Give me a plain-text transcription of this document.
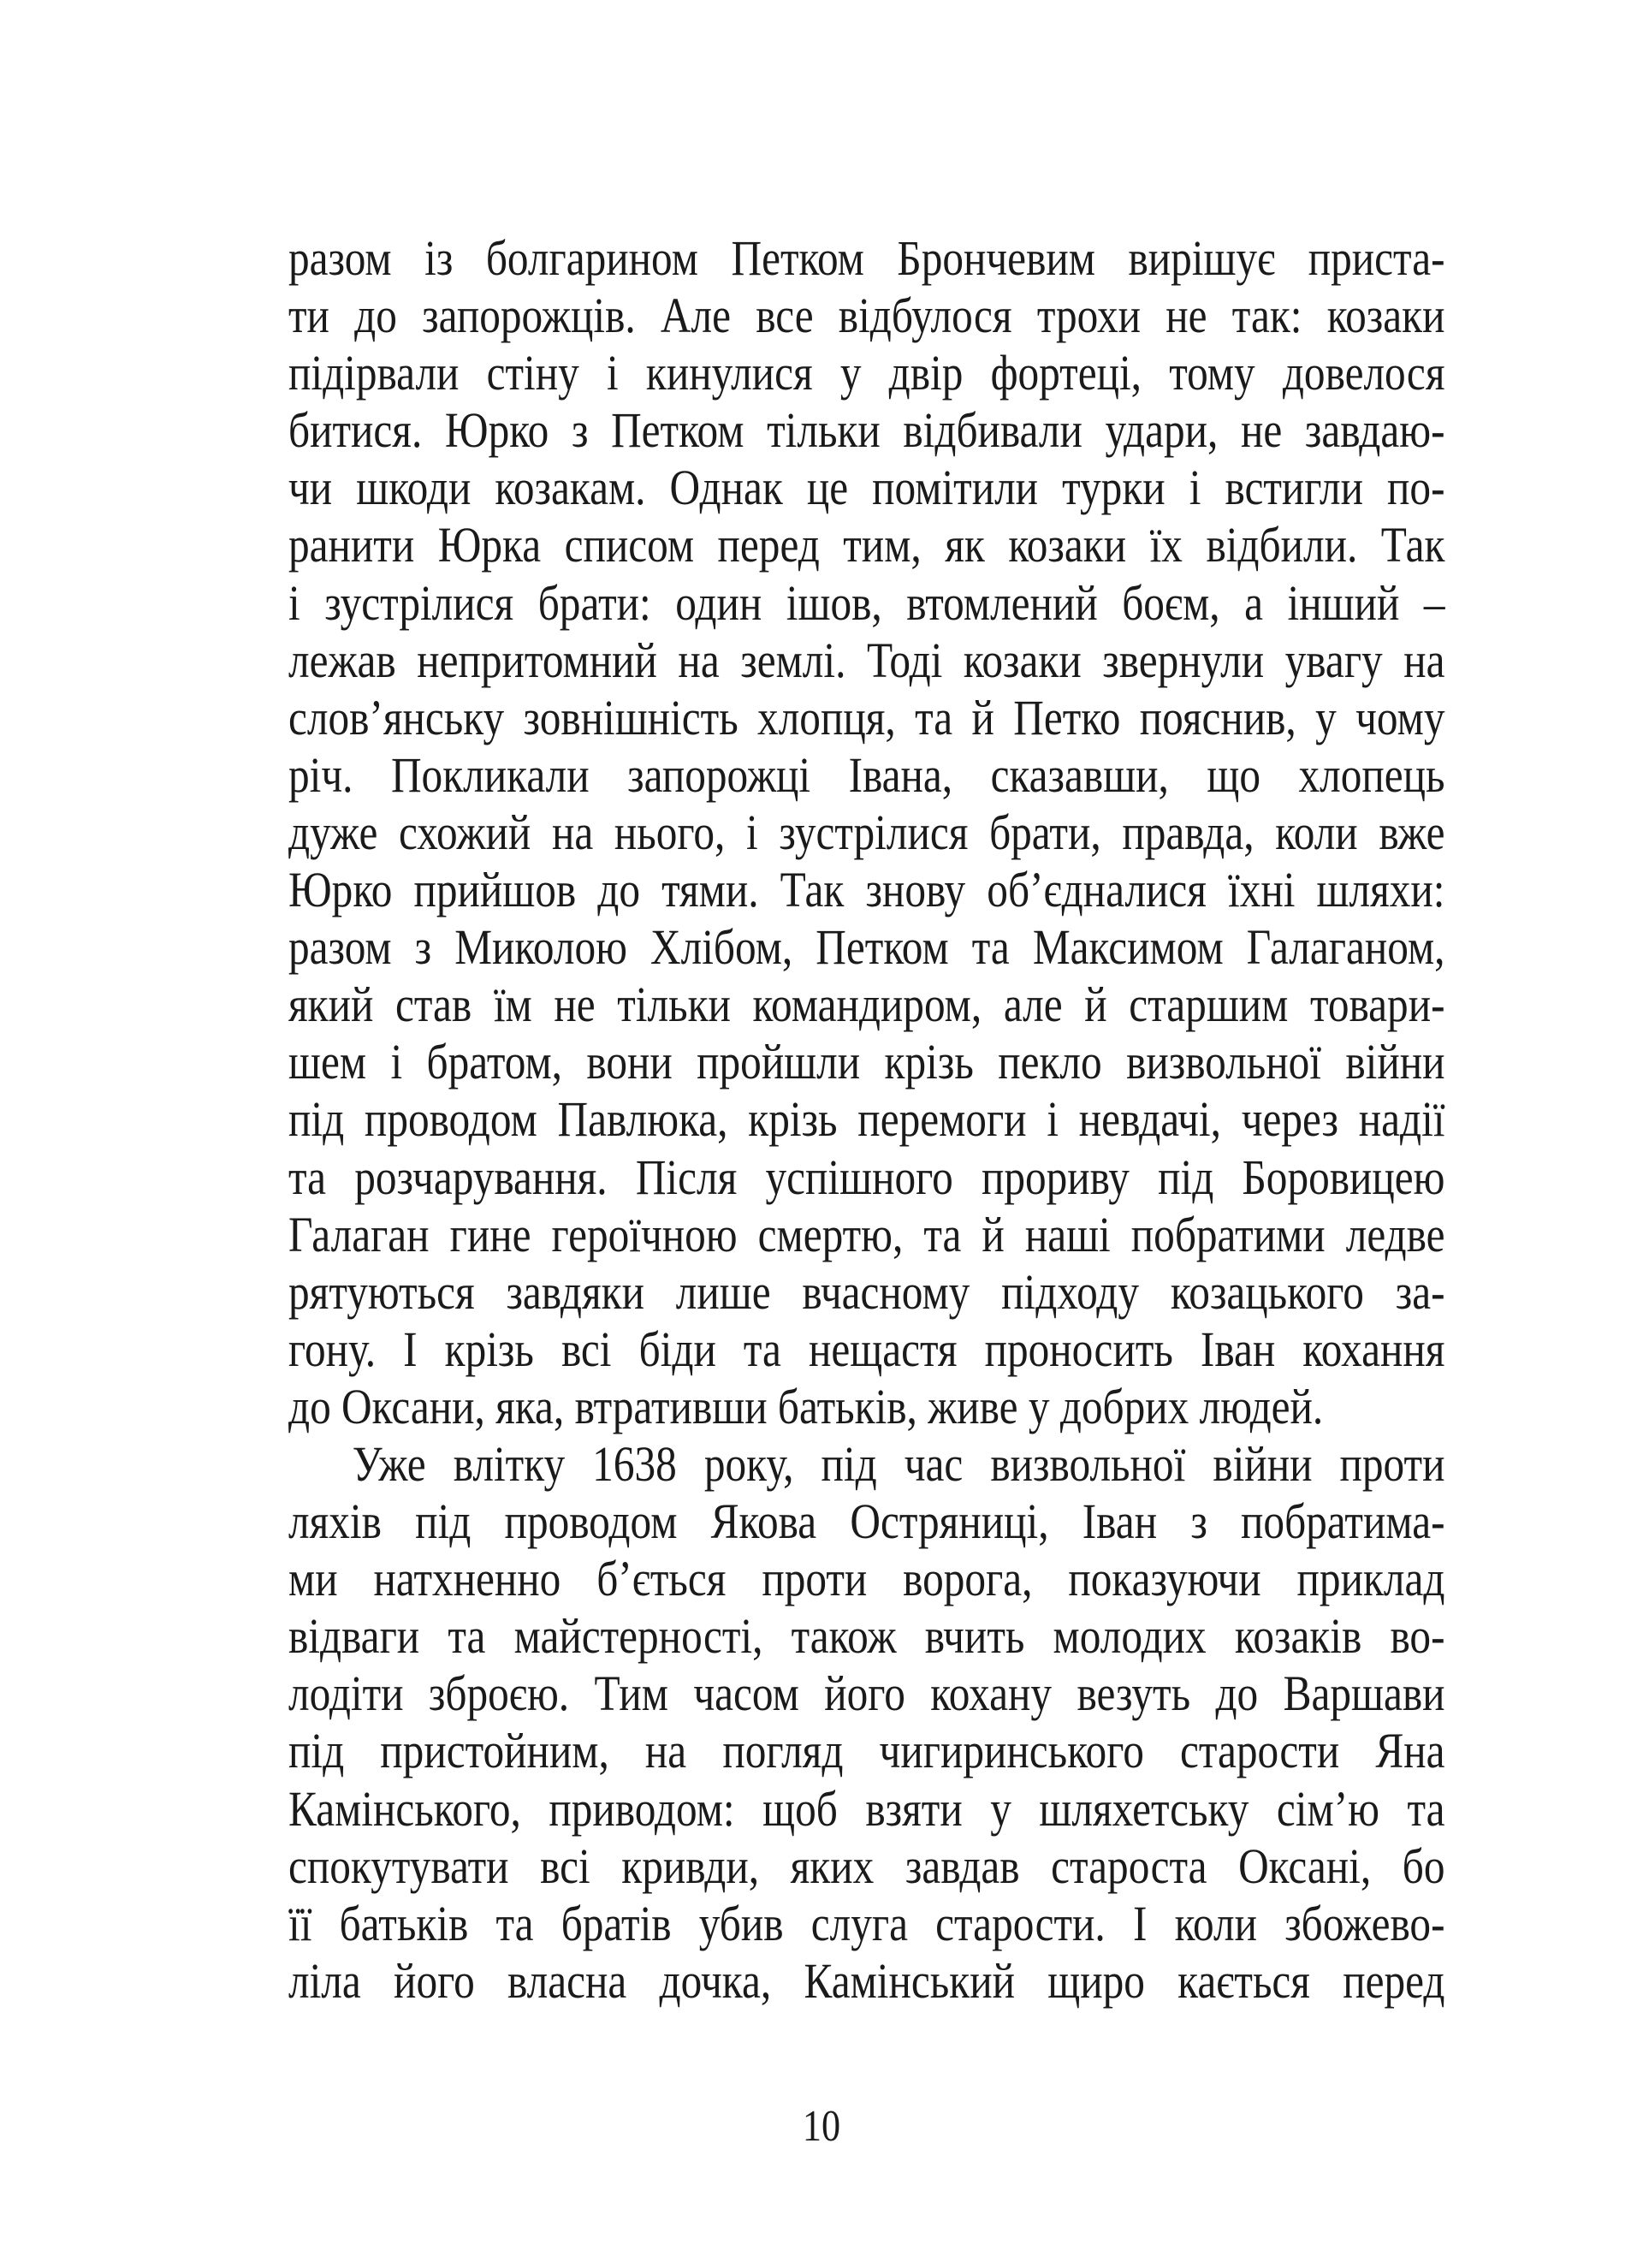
разом із болгарином Петком Брончевим вирішує приста-
ти до запорожців. Але все відбулося трохи не так: козаки
підірвали стіну і кинулися у двір фортеці, тому довелося
битися. Юрко з Петком тільки відбивали удари, не завдаю-
чи шкоди козакам. Однак це помітили турки і встигли по-
ранити Юрка списом перед тим, як козаки їх відбили. Так
і зустрілися брати: один ішов, втомлений боєм, а інший –
лежав непритомний на землі. Тоді козаки звернули увагу на
слов’янську зовнішність хлопця, та й Петко пояснив, у чому
річ. Покликали запорожці Івана, сказавши, що хлопець
дуже схожий на нього, і зустрілися брати, правда, коли вже
Юрко прийшов до тями. Так знову об’єдналися їхні шляхи:
разом з Миколою Хлібом, Петком та Максимом Галаганом,
який став їм не тільки командиром, але й старшим товари-
шем і братом, вони пройшли крізь пекло визвольної війни
під проводом Павлюка, крізь перемоги і невдачі, через надії
та розчарування. Після успішного прориву під Боровицею
Галаган гине героїчною смертю, та й наші побратими ледве
рятуються завдяки лише вчасному підходу козацького за-
гону. І крізь всі біди та нещастя проносить Іван кохання
до Оксани, яка, втративши батьків, живе у добрих людей.
Уже влітку 1638 року, під час визвольної війни проти
ляхів під проводом Якова Остряниці, Іван з побратима-
ми натхненно б’ється проти ворога, показуючи приклад
відваги та майстерності, також вчить молодих козаків во-
лодіти зброєю. Тим часом його кохану везуть до Варшави
під пристойним, на погляд чигиринського старости Яна
Камінського, приводом: щоб взяти у шляхетську сім’ю та
спокутувати всі кривди, яких завдав староста Оксані, бо
її батьків та братів убив слуга старости. І коли збожево-
ліла його власна дочка, Камінський щиро кається перед
10
